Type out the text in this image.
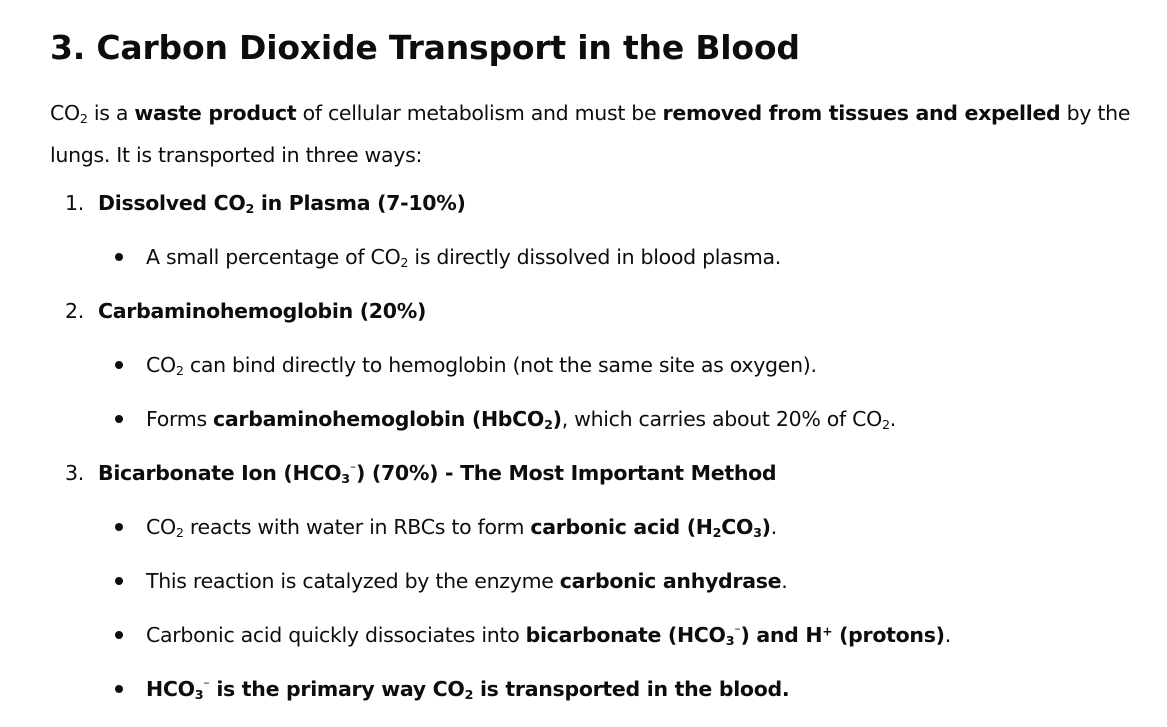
3. Carbon Dioxide Transport in the Blood

$CO_2$ is a waste product of cellular metabolism and must be removed from tissues and expelled by the lungs. It is transported in three ways:

1. Dissolved $CO_2$ in Plasma (7-10%)

A small percentage of $CO_2$ is directly dissolved in blood plasma.

2. Carbaminohemoglobin (20%)

$CO_2$ can bind directly to hemoglobin (not the same site as oxygen).
Forms carbaminohemoglobin (HbCO$_2$), which carries about 20% of $CO_2$.

3. Bicarbonate Ion $(HCO_3^{^-})$ (70%) - The Most Important Method

$CO_2$ reacts with water in RBCs to form carbonic acid $(H_2CO_3)$.
This reaction is catalyzed by the enzyme carbonic anhydrase.
Carbonic acid quickly dissociates into bicarbonate $(HCO_3^{^-})$ and H+ (protons).
$HCO_3^{^-}$ is the primary way $CO_2$ is transported in the blood.
